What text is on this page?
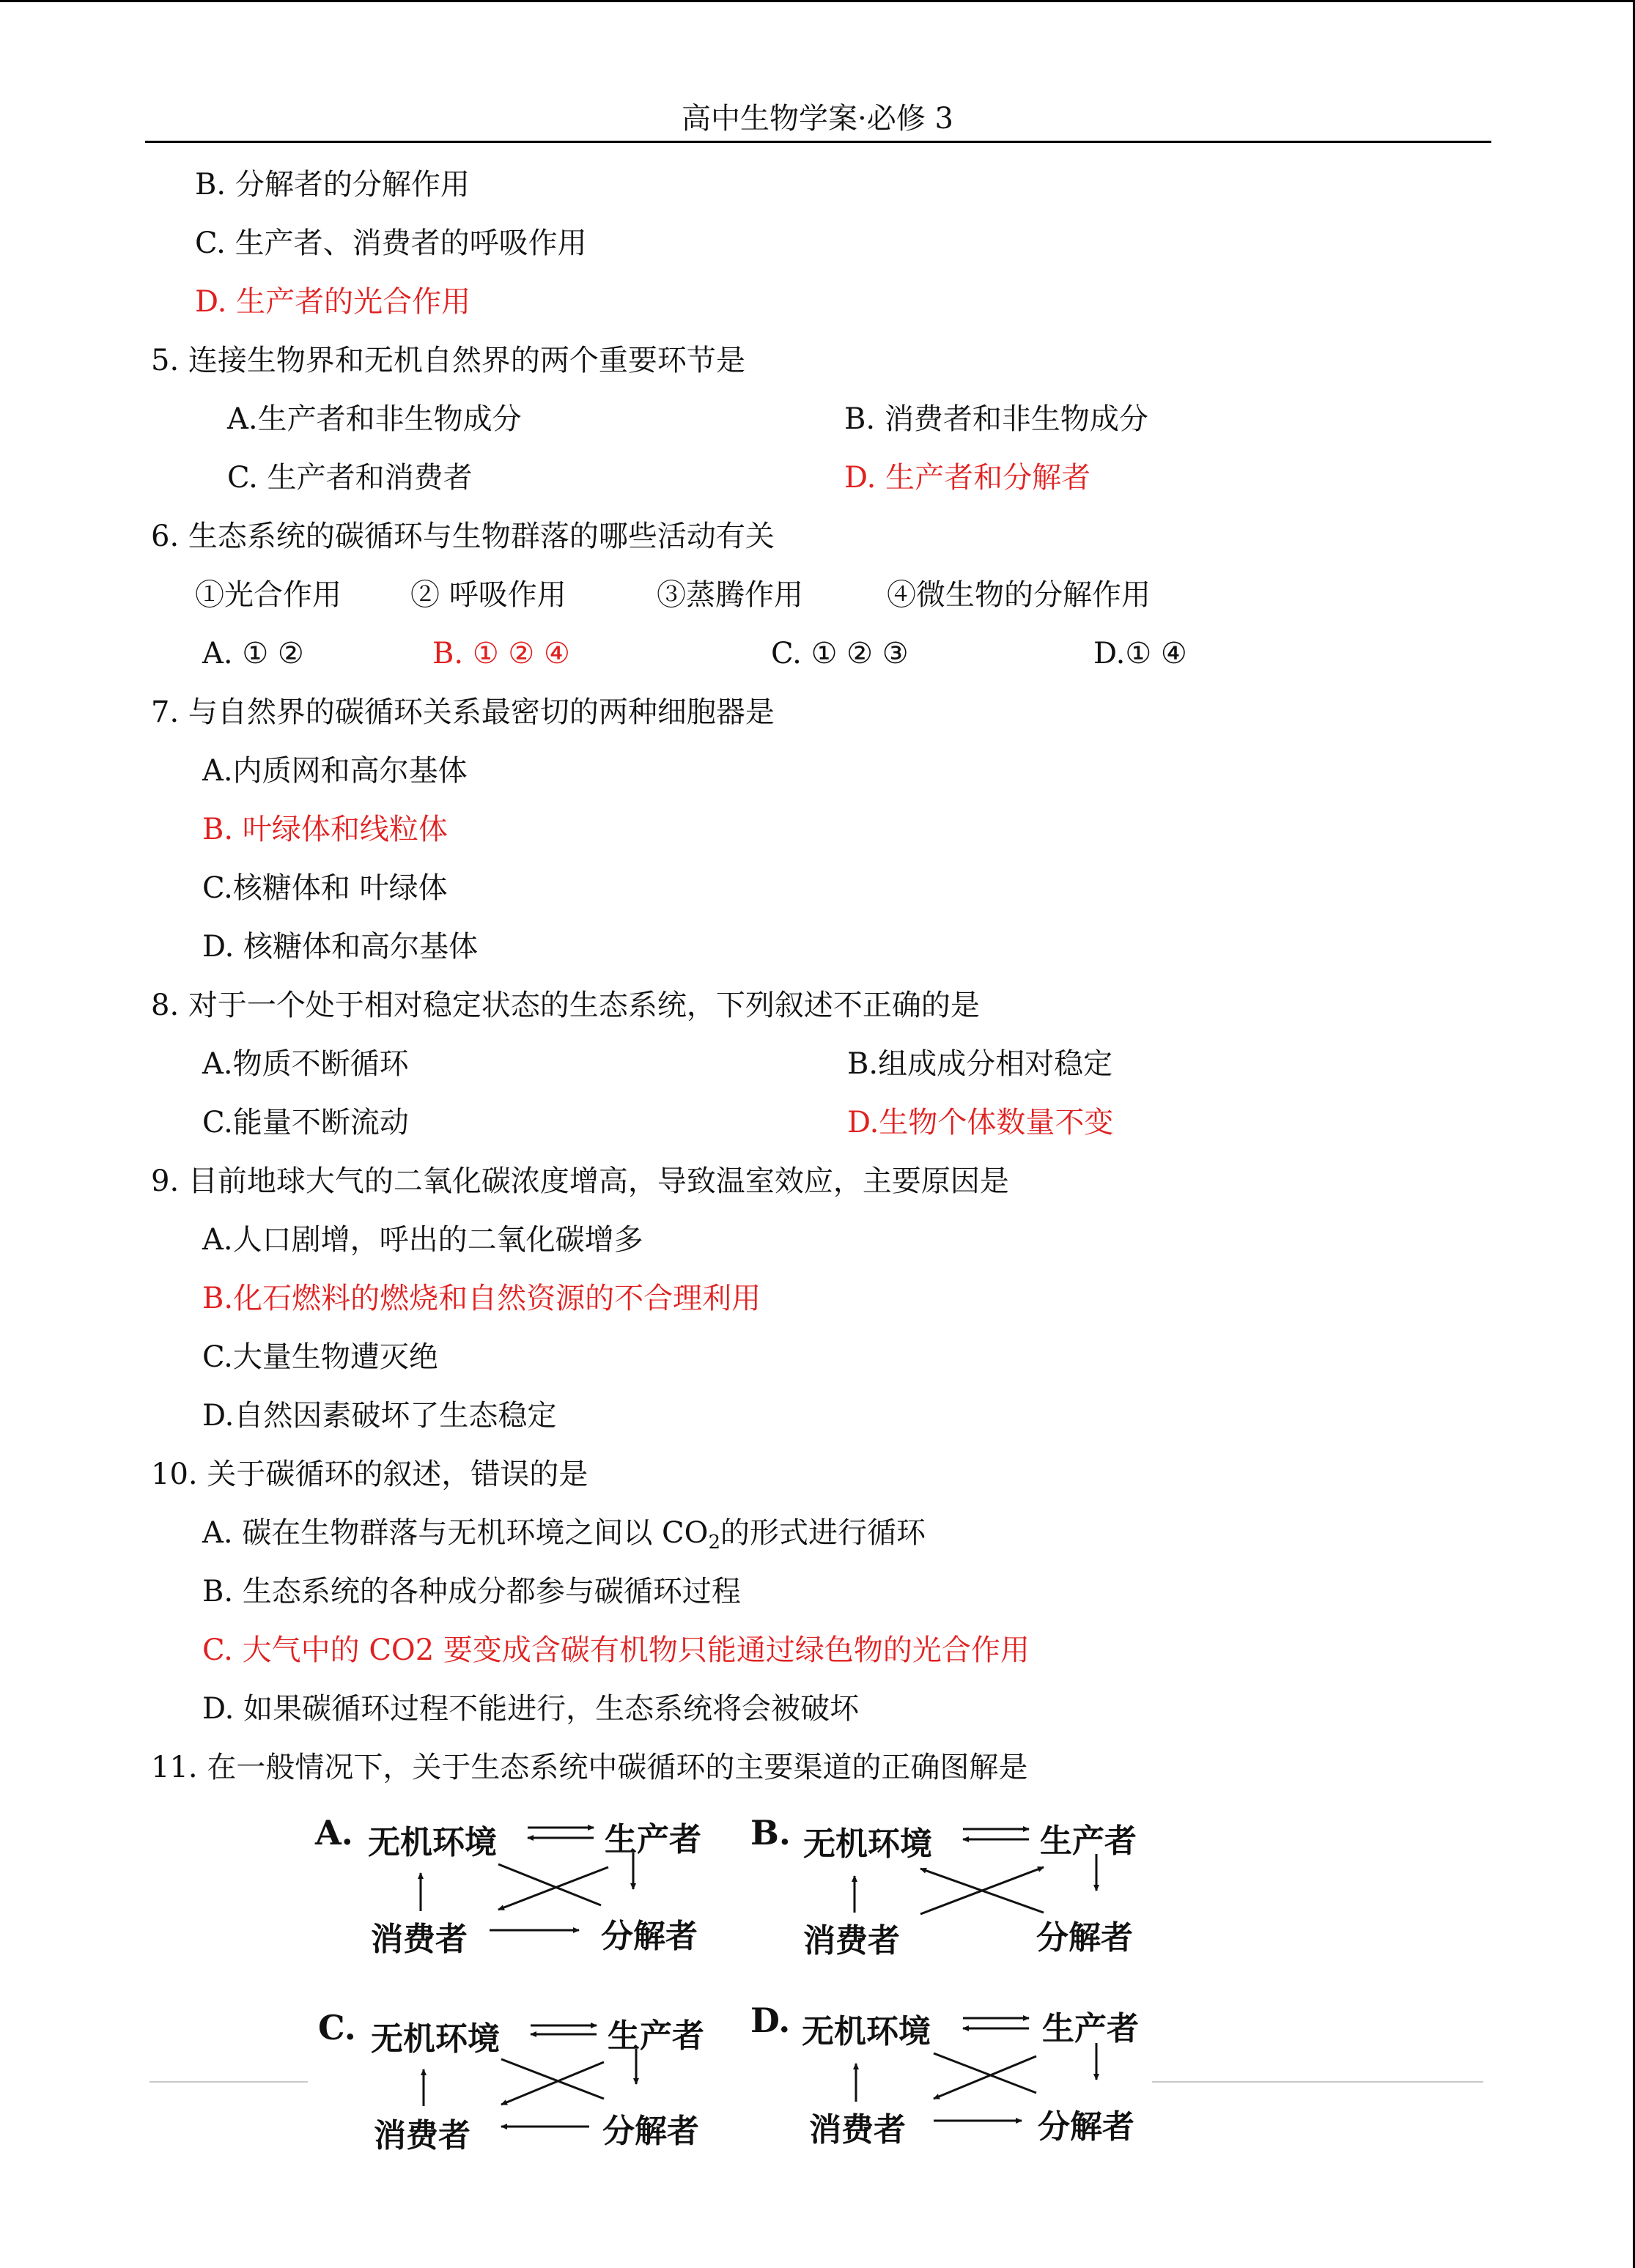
高中生物学案·必修 3
B. 分解者的分解作用
C. 生产者、消费者的呼吸作用
D. 生产者的光合作用
5. 连接生物界和无机自然界的两个重要环节是
A.生产者和非生物成分	B. 消费者和非生物成分
C. 生产者和消费者	D. 生产者和分解者
6. 生态系统的碳循环与生物群落的哪些活动有关
①光合作用 ② 呼吸作用	③蒸腾作用	④微生物的分解作用
A. ① ②	B. ① ② ④	C. ① ② ③	D.① ④
7. 与自然界的碳循环关系最密切的两种细胞器是
A.内质网和高尔基体
B. 叶绿体和线粒体
C.核糖体和 叶绿体
D. 核糖体和高尔基体
8. 对于一个处于相对稳定状态的生态系统，下列叙述不正确的是
A.物质不断循环	B.组成成分相对稳定
C.能量不断流动	D.生物个体数量不变
9. 目前地球大气的二氧化碳浓度增高，导致温室效应，主要原因是
A.人口剧增，呼出的二氧化碳增多
B.化石燃料的燃烧和自然资源的不合理利用
C.大量生物遭灭绝
D.自然因素破坏了生态稳定
10. 关于碳循环的叙述，错误的是
A. 碳在生物群落与无机环境之间以 $CO_2$的形式进行循环
B. 生态系统的各种成分都参与碳循环过程
C. 大气中的 CO2 要变成含碳有机物只能通过绿色物的光合作用
D. 如果碳循环过程不能进行，生态系统将会被破坏
11. 在一般情况下，关于生态系统中碳循环的主要渠道的正确图解是
A. 无机环境	生产者
消费者	分解者
B. 无机环境	生产者
消费者	分解者
C. 无机环境	生产者
消费者	分解者
D. 无机环境	生产者
消费者	分解者
